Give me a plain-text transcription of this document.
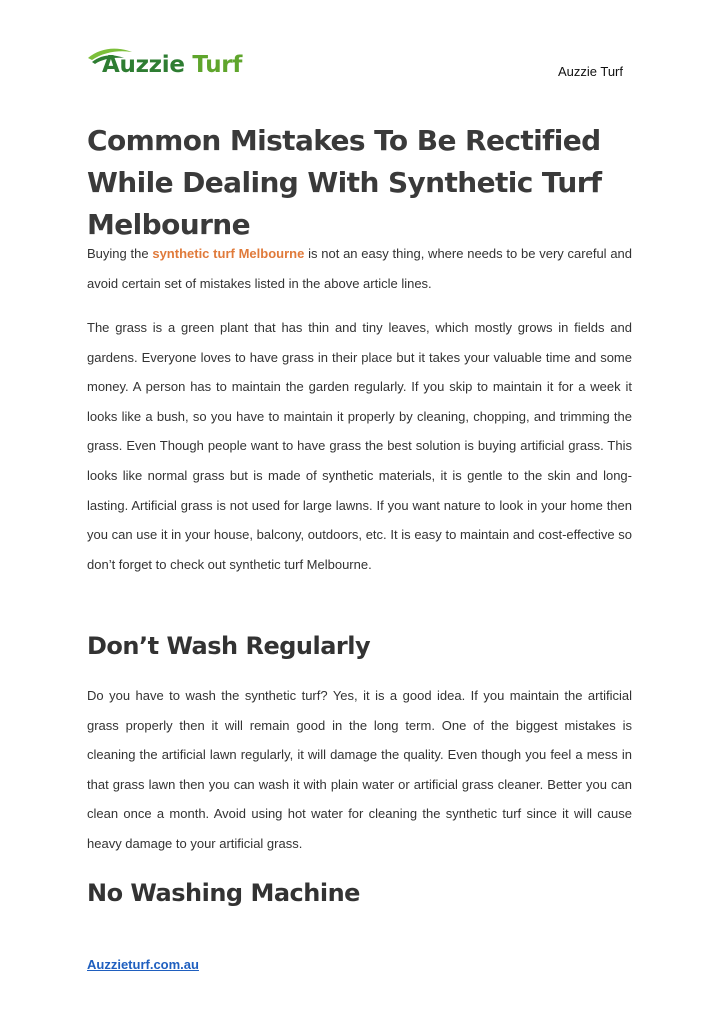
Auzzie Turf	Auzzie Turf
Common Mistakes To Be Rectified While Dealing With Synthetic Turf Melbourne

Buying the synthetic turf Melbourne is not an easy thing, where needs to be very careful and avoid certain set of mistakes listed in the above article lines.

The grass is a green plant that has thin and tiny leaves, which mostly grows in fields and gardens. Everyone loves to have grass in their place but it takes your valuable time and some money. A person has to maintain the garden regularly. If you skip to maintain it for a week it looks like a bush, so you have to maintain it properly by cleaning, chopping, and trimming the grass. Even Though people want to have grass the best solution is buying artificial grass. This looks like normal grass but is made of synthetic materials, it is gentle to the skin and long-lasting. Artificial grass is not used for large lawns. If you want nature to look in your home then you can use it in your house, balcony, outdoors, etc. It is easy to maintain and cost-effective so don’t forget to check out synthetic turf Melbourne.

Don’t Wash Regularly

Do you have to wash the synthetic turf? Yes, it is a good idea. If you maintain the artificial grass properly then it will remain good in the long term. One of the biggest mistakes is cleaning the artificial lawn regularly, it will damage the quality. Even though you feel a mess in that grass lawn then you can wash it with plain water or artificial grass cleaner. Better you can clean once a month. Avoid using hot water for cleaning the synthetic turf since it will cause heavy damage to your artificial grass.

No Washing Machine
Auzzieturf.com.au
